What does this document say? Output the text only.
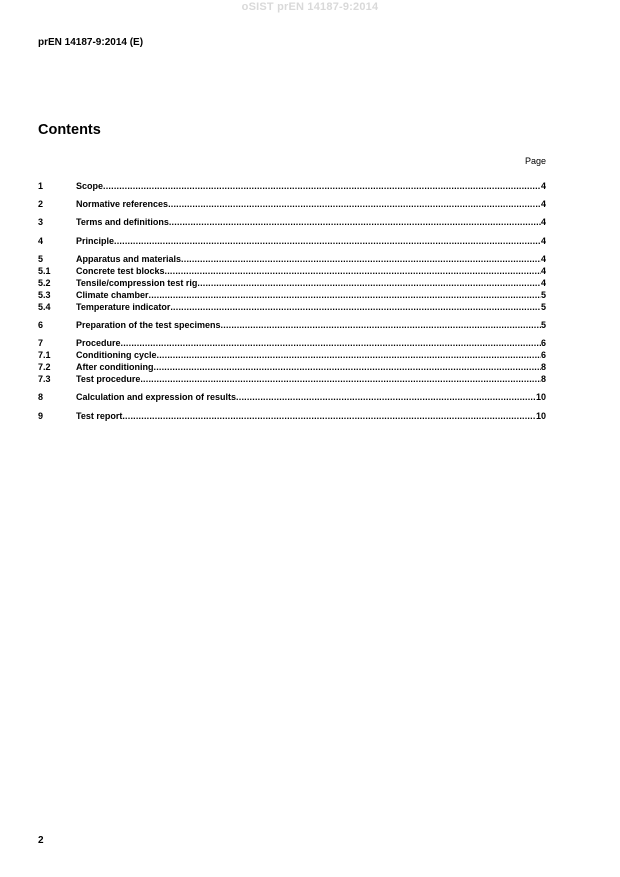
oSIST prEN 14187-9:2014
prEN 14187-9:2014 (E)
Contents
Page
1	Scope .....	4
2	Normative references .....	4
3	Terms and definitions .....	4
4	Principle .....	4
5	Apparatus and materials .....	4
5.1	Concrete test blocks .....	4
5.2	Tensile/compression test rig .....	4
5.3	Climate chamber .....	5
5.4	Temperature indicator .....	5
6	Preparation of the test specimens .....	5
7	Procedure .....	6
7.1	Conditioning cycle .....	6
7.2	After conditioning .....	8
7.3	Test procedure .....	8
8	Calculation and expression of results .....	10
9	Test report .....	10
2
